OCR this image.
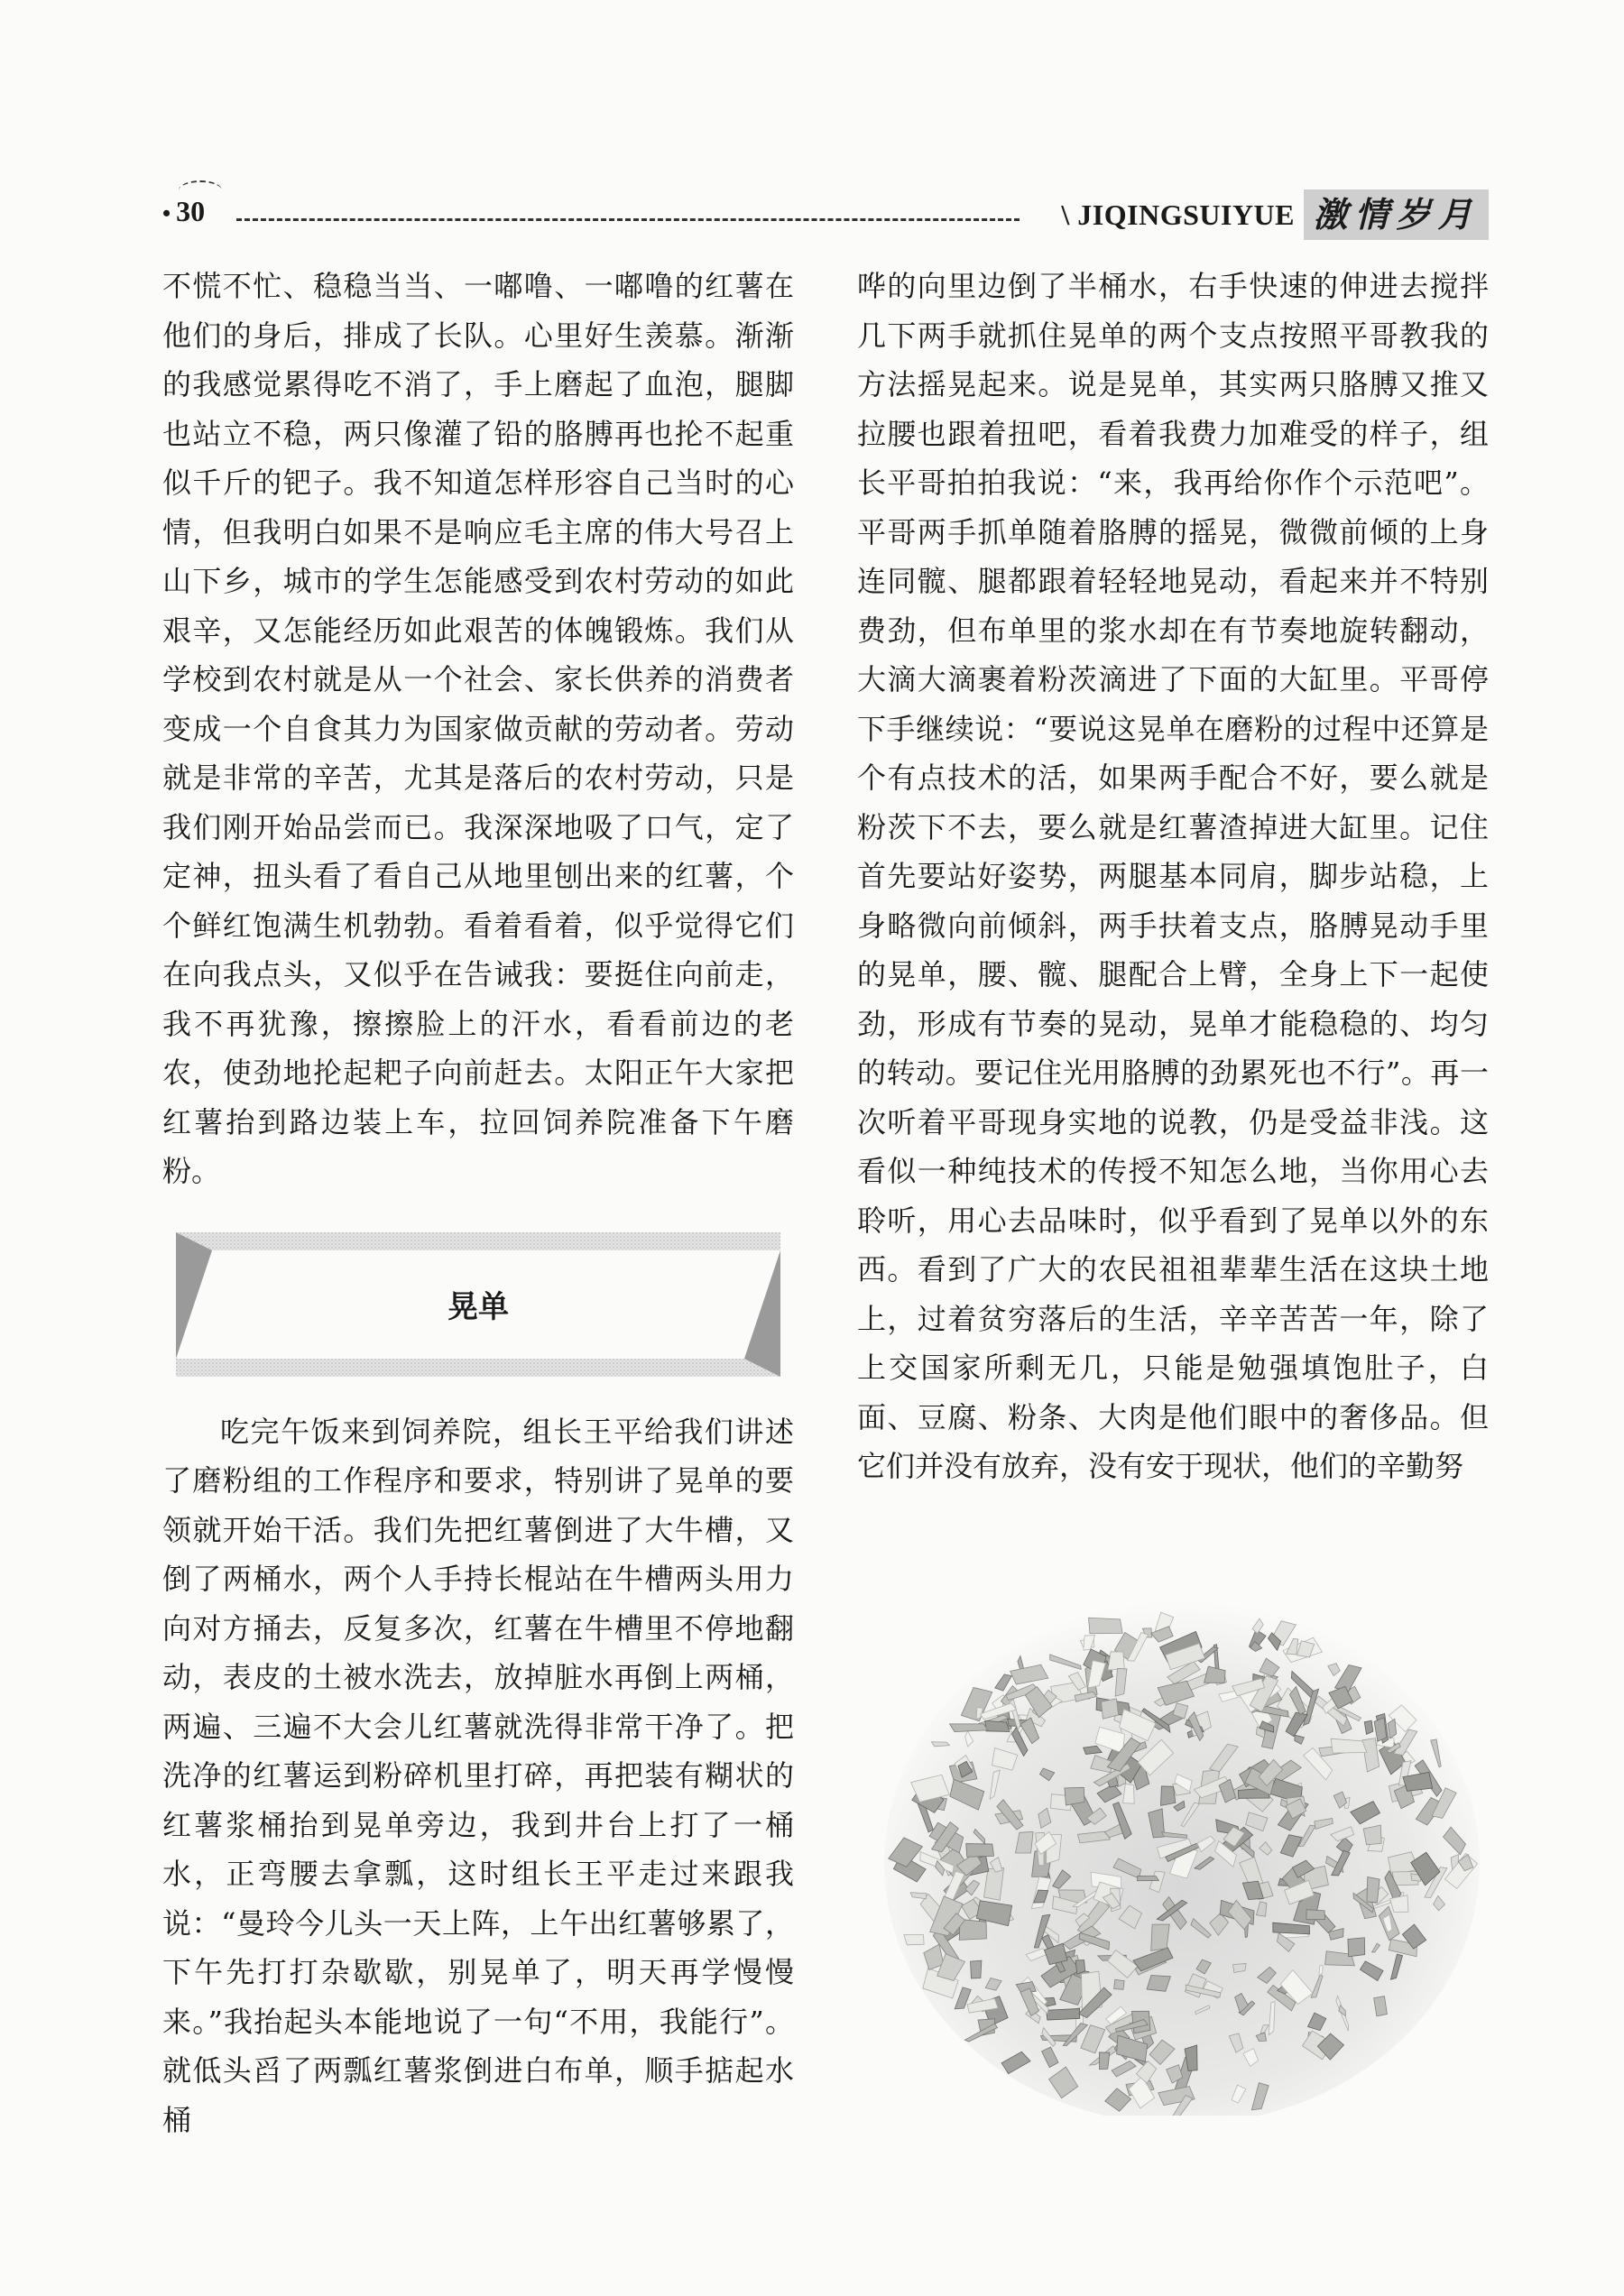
• 30	\ JIQINGSUIYUE 激情岁月

不慌不忙、稳稳当当、一嘟噜、一嘟噜的红薯在他们的身后，排成了长队。心里好生羡慕。渐渐的我感觉累得吃不消了，手上磨起了血泡，腿脚也站立不稳，两只像灌了铅的胳膊再也抡不起重似千斤的钯子。我不知道怎样形容自己当时的心情，但我明白如果不是响应毛主席的伟大号召上山下乡，城市的学生怎能感受到农村劳动的如此艰辛，又怎能经历如此艰苦的体魄锻炼。我们从学校到农村就是从一个社会、家长供养的消费者变成一个自食其力为国家做贡献的劳动者。劳动就是非常的辛苦，尤其是落后的农村劳动，只是我们刚开始品尝而已。我深深地吸了口气，定了定神，扭头看了看自己从地里刨出来的红薯，个个鲜红饱满生机勃勃。看着看着，似乎觉得它们在向我点头，又似乎在告诫我：要挺住向前走，我不再犹豫，擦擦脸上的汗水，看看前边的老农，使劲地抡起耙子向前赶去。太阳正午大家把红薯抬到路边装上车，拉回饲养院准备下午磨粉。

晃单

吃完午饭来到饲养院，组长王平给我们讲述了磨粉组的工作程序和要求，特别讲了晃单的要领就开始干活。我们先把红薯倒进了大牛槽，又倒了两桶水，两个人手持长棍站在牛槽两头用力向对方捅去，反复多次，红薯在牛槽里不停地翻动，表皮的土被水洗去，放掉脏水再倒上两桶，两遍、三遍不大会儿红薯就洗得非常干净了。把洗净的红薯运到粉碎机里打碎，再把装有糊状的红薯浆桶抬到晃单旁边，我到井台上打了一桶水，正弯腰去拿瓢，这时组长王平走过来跟我说：“曼玲今儿头一天上阵，上午出红薯够累了，下午先打打杂歇歇，别晃单了，明天再学慢慢来。”我抬起头本能地说了一句“不用，我能行”。就低头舀了两瓢红薯浆倒进白布单，顺手掂起水桶

哗的向里边倒了半桶水，右手快速的伸进去搅拌几下两手就抓住晃单的两个支点按照平哥教我的方法摇晃起来。说是晃单，其实两只胳膊又推又拉腰也跟着扭吧，看着我费力加难受的样子，组长平哥拍拍我说：“来，我再给你作个示范吧”。平哥两手抓单随着胳膊的摇晃，微微前倾的上身连同髋、腿都跟着轻轻地晃动，看起来并不特别费劲，但布单里的浆水却在有节奏地旋转翻动，大滴大滴裹着粉茨滴进了下面的大缸里。平哥停下手继续说：“要说这晃单在磨粉的过程中还算是个有点技术的活，如果两手配合不好，要么就是粉茨下不去，要么就是红薯渣掉进大缸里。记住首先要站好姿势，两腿基本同肩，脚步站稳，上身略微向前倾斜，两手扶着支点，胳膊晃动手里的晃单，腰、髋、腿配合上臂，全身上下一起使劲，形成有节奏的晃动，晃单才能稳稳的、均匀的转动。要记住光用胳膊的劲累死也不行”。再一次听着平哥现身实地的说教，仍是受益非浅。这看似一种纯技术的传授不知怎么地，当你用心去聆听，用心去品味时，似乎看到了晃单以外的东西。看到了广大的农民祖祖辈辈生活在这块土地上，过着贫穷落后的生活，辛辛苦苦一年，除了上交国家所剩无几，只能是勉强填饱肚子，白面、豆腐、粉条、大肉是他们眼中的奢侈品。但它们并没有放弃，没有安于现状，他们的辛勤努
